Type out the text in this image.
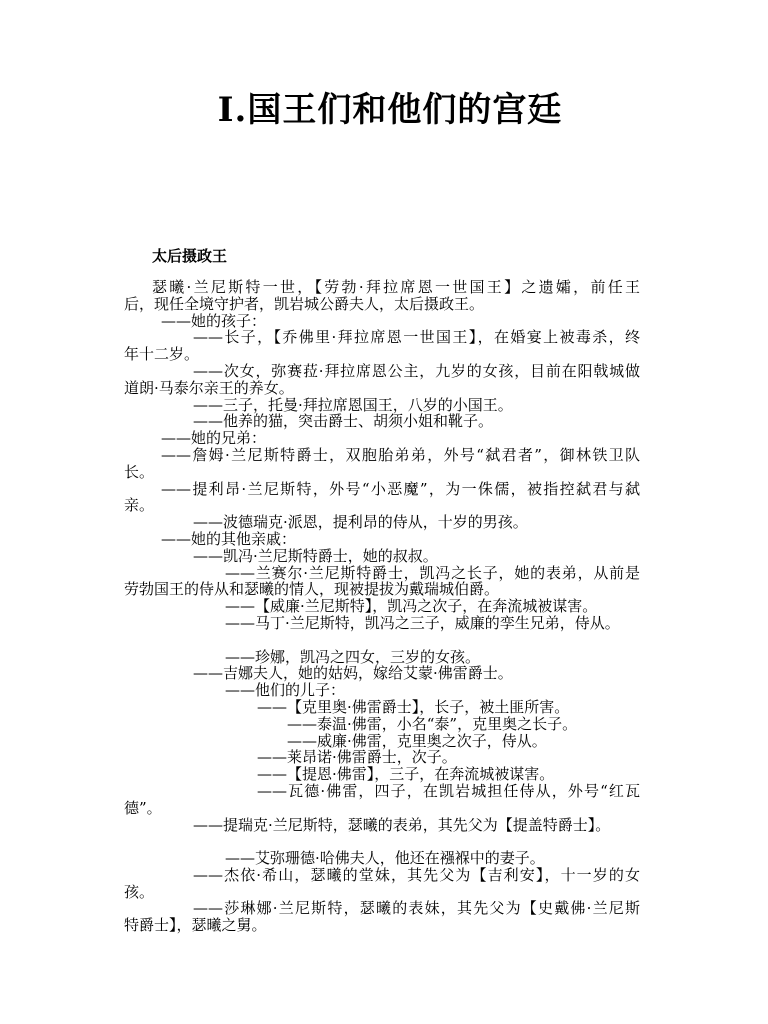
Ⅰ.国王们和他们的宫廷
太后摄政王
瑟曦·兰尼斯特一世，【劳勃·拜拉席恩一世国王】之遗孀，前任王
后，现任全境守护者，凯岩城公爵夫人，太后摄政王。
——她的孩子：
——长子，【乔佛里·拜拉席恩一世国王】，在婚宴上被毒杀，终
年十二岁。
——次女，弥赛菈·拜拉席恩公主，九岁的女孩，目前在阳戟城做
道朗·马泰尔亲王的养女。
——三子，托曼·拜拉席恩国王，八岁的小国王。
——他养的猫，突击爵士、胡须小姐和靴子。
——她的兄弟：
——詹姆·兰尼斯特爵士，双胞胎弟弟，外号“弑君者”，御林铁卫队
长。
——提利昂·兰尼斯特，外号“小恶魔”，为一侏儒，被指控弑君与弑
亲。
——波德瑞克·派恩，提利昂的侍从，十岁的男孩。
——她的其他亲戚：
——凯冯·兰尼斯特爵士，她的叔叔。
——兰赛尔·兰尼斯特爵士，凯冯之长子，她的表弟，从前是
劳勃国王的侍从和瑟曦的情人，现被提拔为戴瑞城伯爵。
——【威廉·兰尼斯特】，凯冯之次子，在奔流城被谋害。
——马丁·兰尼斯特，凯冯之三子，威廉的孪生兄弟，侍从。
——珍娜，凯冯之四女，三岁的女孩。
——吉娜夫人，她的姑妈，嫁给艾蒙·佛雷爵士。
——他们的儿子：
——【克里奥·佛雷爵士】，长子，被土匪所害。
——泰温·佛雷，小名“泰”，克里奥之长子。
——威廉·佛雷，克里奥之次子，侍从。
——莱昂诺·佛雷爵士，次子。
——【提恩·佛雷】，三子，在奔流城被谋害。
——瓦德·佛雷，四子，在凯岩城担任侍从，外号“红瓦
德”。
——提瑞克·兰尼斯特，瑟曦的表弟，其先父为【提盖特爵士】。
——艾弥珊德·哈佛夫人，他还在襁褓中的妻子。
——杰依·希山，瑟曦的堂妹，其先父为【吉利安】，十一岁的女
孩。
——莎琳娜·兰尼斯特，瑟曦的表妹，其先父为【史戴佛·兰尼斯
特爵士】，瑟曦之舅。
